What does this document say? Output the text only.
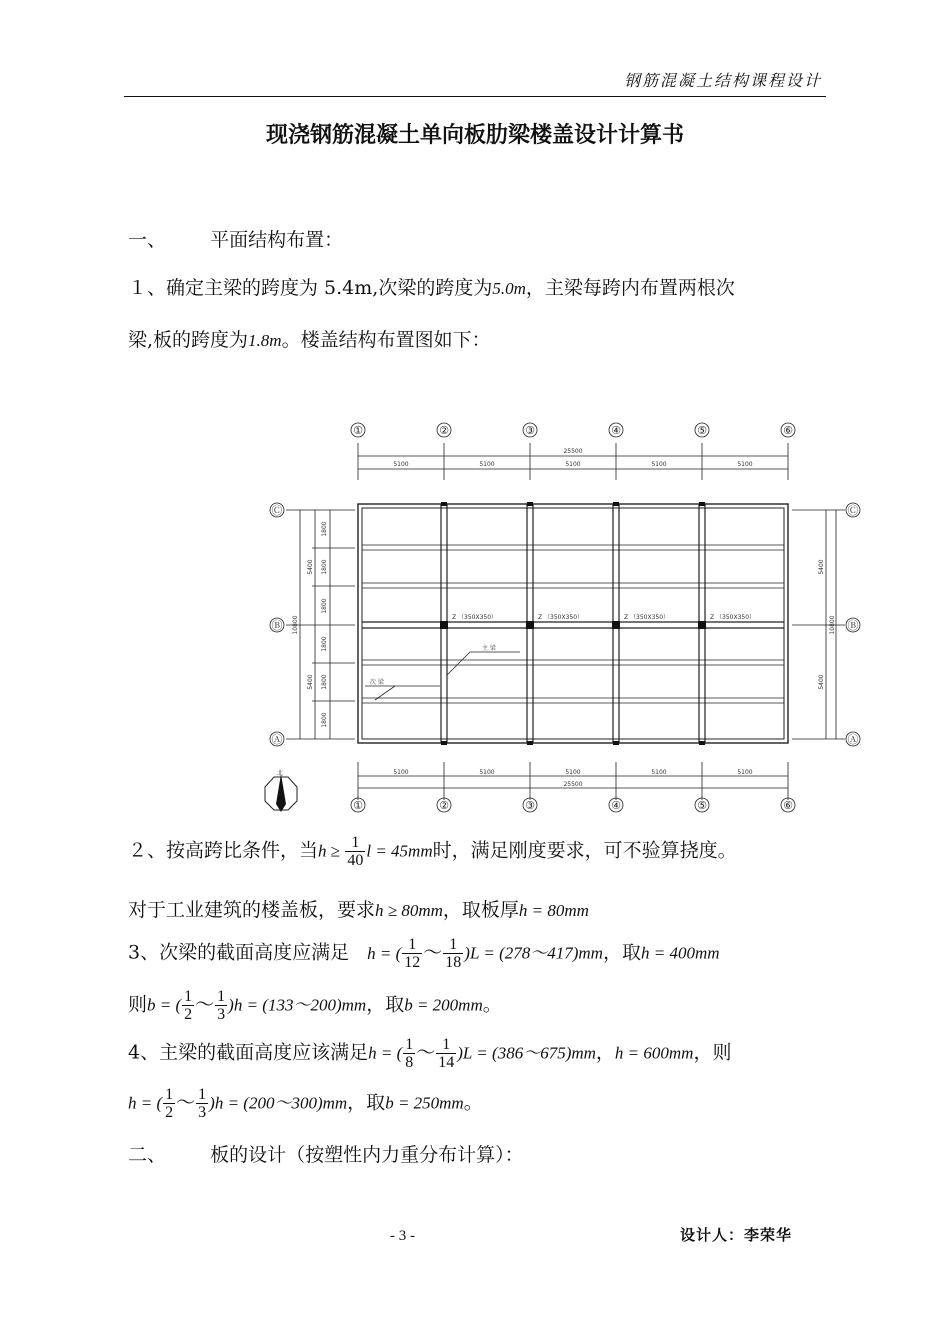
钢筋混凝土结构课程设计
现浇钢筋混凝土单向板肋梁楼盖设计计算书
一、 平面结构布置：
１、确定主梁的跨度为 5.4m,次梁的跨度为5.0m，主梁每跨内布置两根次
梁,板的跨度为1.8m。楼盖结构布置图如下：
①	②	③	④	⑤	⑥
①	②	③	④	⑤	⑥
Ⓒ
Ⓑ
Ⓐ
Ⓒ
Ⓑ
Ⓐ
25500
5100	5100	5100	5100	5100
5100	5100	5100	5100	5100
25500
10800
5400
5400
1800
1800
1800
1800
1800
1800
5400
5400
10800
Z （350X350）	Z （350X350）	Z （350X350）	Z （350X350）
主 梁
次 梁
北
２、按高跨比条件，当$h \ge \frac{1}{40}$ l = 45mm时，满足刚度要求，可不验算挠度。
对于工业建筑的楼盖板，要求h ≥ 80mm，取板厚h = 80mm
3、次梁的截面高度应满足 h = ( $\frac{1}{12}$ ～ $\frac{1}{18} )L$ = (278～417)mm，取h = 400mm
则b = ( $\frac{1}{2}$ ～ $\frac{1}{3} )h$ = (133～200)mm，取b = 200mm。
4、主梁的截面高度应该满足h = ( $\frac{1}{8}$ ～ $\frac{1}{14} )L$ = (386～675)mm，h = 600mm，则
h = ( $\frac{1}{2}$ ～ $\frac{1}{3} )h$ = (200～300)mm，取b = 250mm。
二、 板的设计（按塑性内力重分布计算）：
- 3 -	设计人：李荣华
